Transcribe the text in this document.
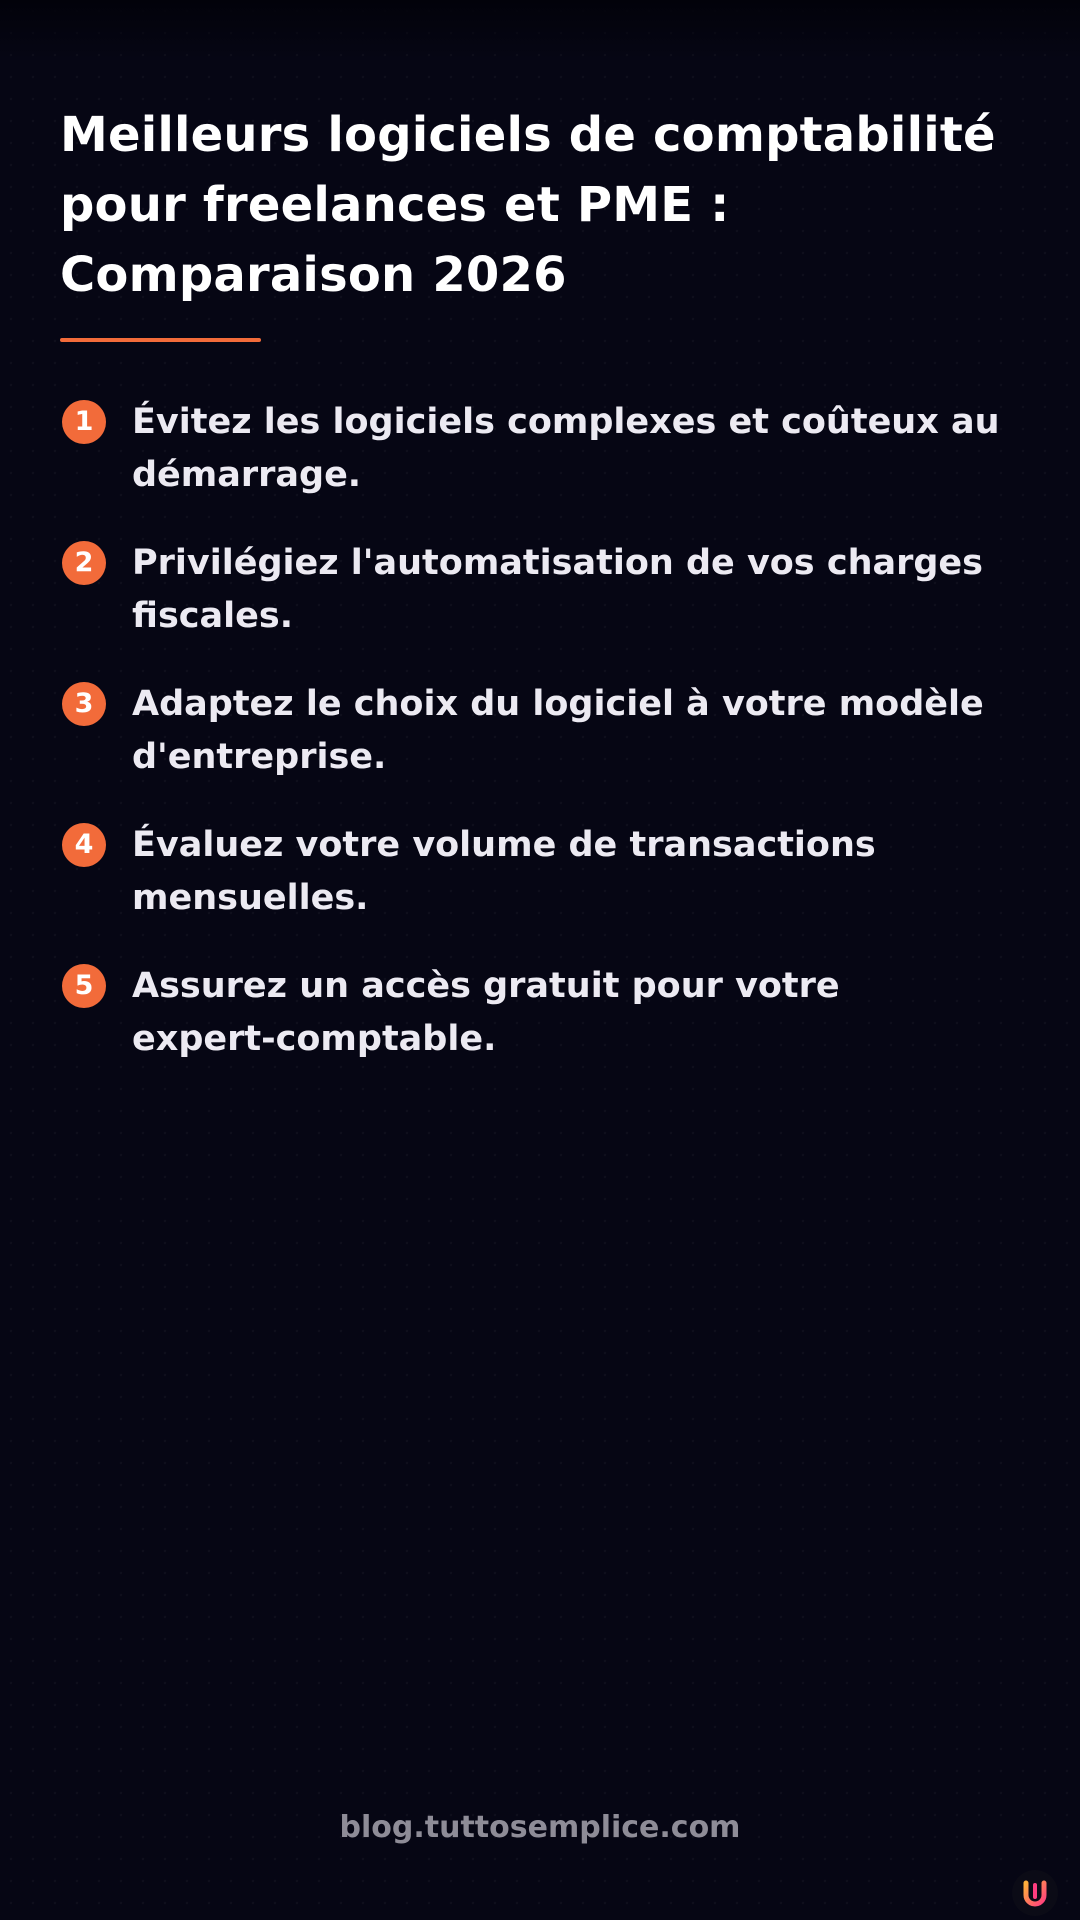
Meilleurs logiciels de comptabilité
pour freelances et PME :
Comparaison 2026
1	Évitez les logiciels complexes et coûteux au
démarrage.
2	Privilégiez l'automatisation de vos charges
fiscales.
3	Adaptez le choix du logiciel à votre modèle
d'entreprise.
4	Évaluez votre volume de transactions
mensuelles.
5	Assurez un accès gratuit pour votre
expert-comptable.
blog.tuttosemplice.com
